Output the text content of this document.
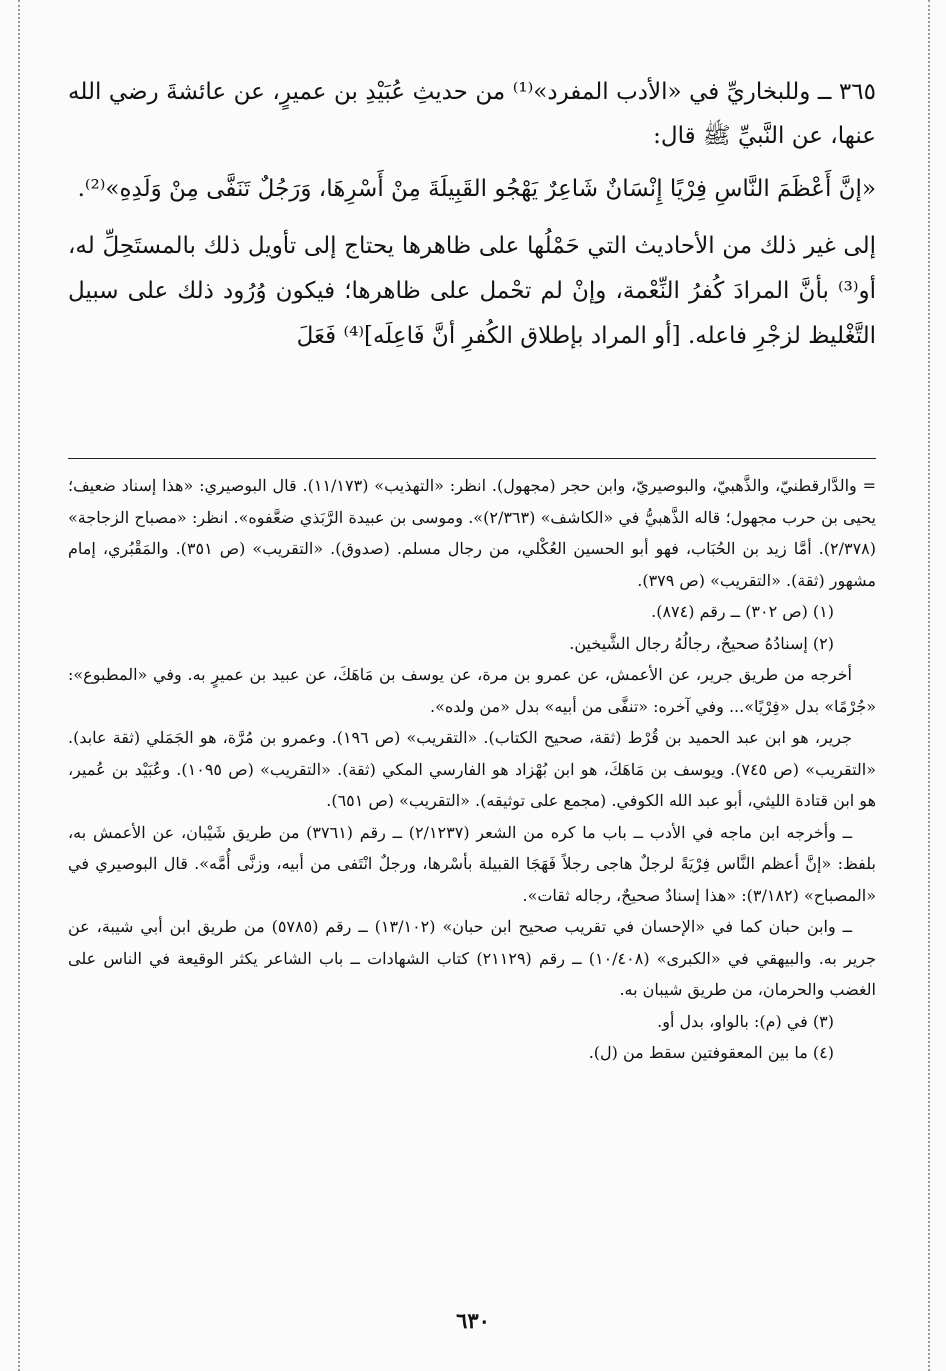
٣٦٥ ــ وللبخاريِّ في «الأدب المفرد»⁽¹⁾ من حديثِ عُبَيْدِ بن عميرٍ، عن عائشةَ رضي الله عنها، عن النَّبيِّ ﷺ قال:

«إنَّ أَعْظَمَ النَّاسِ فِرْيًا إِنْسَانٌ شَاعِرٌ يَهْجُو القَبِيلَةَ مِنْ أَسْرِهَا، وَرَجُلٌ تَنَفَّى مِنْ وَلَدِهِ»⁽²⁾.

إلى غير ذلك من الأحاديث التي حَمْلُها على ظاهرها يحتاج إلى تأويل ذلك بالمستَحِلِّ له، أو⁽³⁾ بأنَّ المرادَ كُفرُ النِّعْمة، وإنْ لم تحْمل على ظاهرها؛ فيكون وُرُود ذلك على سبيل التَّغْليظ لزجْرِ فاعله. [أو المراد بإطلاق الكُفرِ أنَّ فَاعِلَه]⁽⁴⁾ فَعَلَ

= والدَّارقطنيّ، والذَّهبيّ، والبوصيريّ، وابن حجر (مجهول). انظر: «التهذيب» (١١/١٧٣). قال البوصيري: «هذا إسناد ضعيف؛ يحيى بن حرب مجهول؛ قاله الذَّهبيُّ في «الكاشف» (٢/٣٦٣)». وموسى بن عبيدة الرَّبَذي ضعَّفوه». انظر: «مصباح الزجاجة» (٢/٣٧٨). أمَّا زيد بن الحُبَاب، فهو أبو الحسين العُكْلي، من رجال مسلم. (صدوق). «التقريب» (ص ٣٥١). والمَقْبُري، إمام مشهور (ثقة). «التقريب» (ص ٣٧٩).

(١) (ص ٣٠٢) ــ رقم (٨٧٤).

(٢) إسنادُهُ صحيحٌ، رجالُهُ رجال الشَّيخين.

أخرجه من طريق جرير، عن الأعمش، عن عمرو بن مرة، عن يوسف بن مَاهَكَ، عن عبيد بن عميرٍ به. وفي «المطبوع»: «جُرْمًا» بدل «فِرْيًا»... وفي آخره: «تنفَّى من أبيه» بدل «من ولده».

جرير، هو ابن عبد الحميد بن قُرْط (ثقة، صحيح الكتاب). «التقريب» (ص ١٩٦). وعمرو بن مُرَّة، هو الجَمَلي (ثقة عابد). «التقريب» (ص ٧٤٥). ويوسف بن مَاهَكَ، هو ابن بُهْزاد هو الفارسي المكي (ثقة). «التقريب» (ص ١٠٩٥). وعُبَيْد بن عُمير، هو ابن قتادة الليثي، أبو عبد الله الكوفي. (مجمع على توثيقه). «التقريب» (ص ٦٥١).

ــ وأخرجه ابن ماجه في الأدب ــ باب ما كره من الشعر (٢/١٢٣٧) ــ رقم (٣٧٦١) من طريق شَيْبان، عن الأعمش به، بلفظ: «إنَّ أعظم النَّاس فِرْيَةً لرجلٌ هاجى رجلاً فَهَجَا القبيلة بأسْرها، ورجلٌ انْتَفى من أبيه، وزنَّى أُمَّه». قال البوصيري في «المصباح» (٣/١٨٢): «هذا إسنادٌ صحيحٌ، رجاله ثقات».

ــ وابن حبان كما في «الإحسان في تقريب صحيح ابن حبان» (١٣/١٠٢) ــ رقم (٥٧٨٥) من طريق ابن أبي شيبة، عن جرير به. والبيهقي في «الكبرى» (١٠/٤٠٨) ــ رقم (٢١١٢٩) كتاب الشهادات ــ باب الشاعر يكثر الوقيعة في الناس على الغضب والحرمان، من طريق شيبان به.

(٣) في (م): بالواو، بدل أو.

(٤) ما بين المعقوفتين سقط من (ل).

٦٣٠
